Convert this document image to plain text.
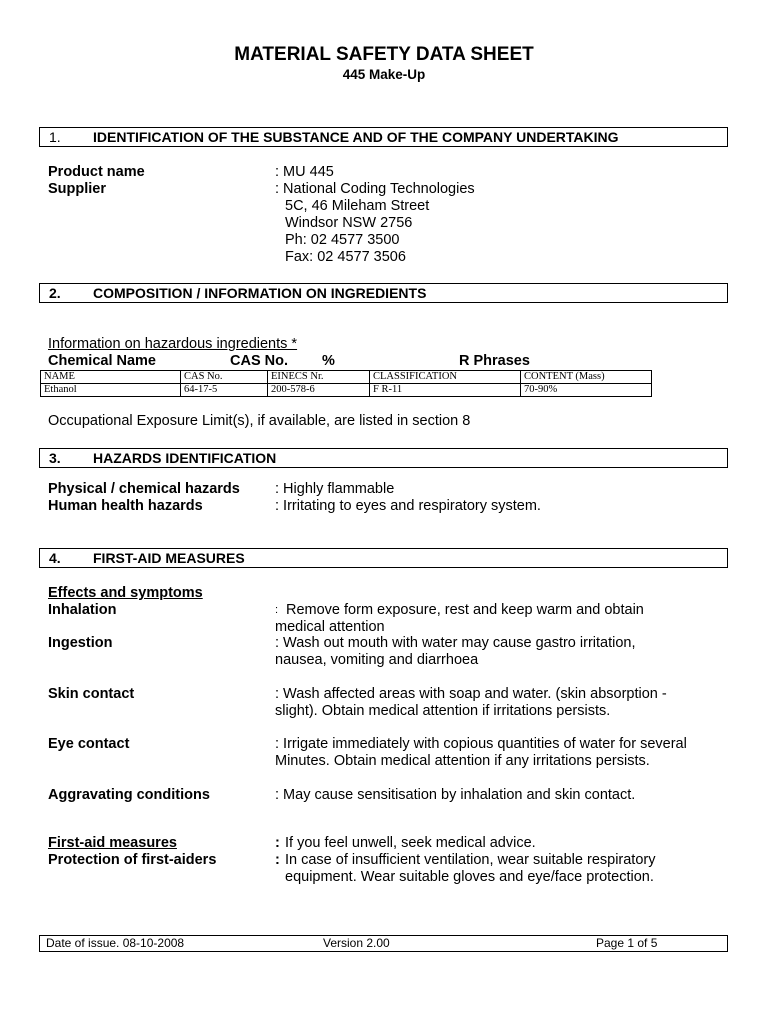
MATERIAL SAFETY DATA SHEET
445 Make-Up
1. IDENTIFICATION OF THE SUBSTANCE AND OF THE COMPANY UNDERTAKING
Product name	: MU 445
Supplier	: National Coding Technologies
5C, 46 Mileham Street
Windsor NSW 2756
Ph: 02 4577 3500
Fax: 02 4577 3506
2. COMPOSITION / INFORMATION ON INGREDIENTS
Information on hazardous ingredients *
Chemical Name	CAS No. %	R Phrases
NAME	CAS No.	EINECS Nr.	CLASSIFICATION	CONTENT (Mass)
Ethanol	64-17-5	200-578-6	F R-11	70-90%
Occupational Exposure Limit(s), if available, are listed in section 8
3. HAZARDS IDENTIFICATION
Physical / chemical hazards : Highly flammable
Human health hazards	: Irritating to eyes and respiratory system.
4. FIRST-AID MEASURES
Effects and symptoms
Inhalation	: Remove form exposure, rest and keep warm and obtain
medical attention
Ingestion	: Wash out mouth with water may cause gastro irritation,
nausea, vomiting and diarrhoea
Skin contact	: Wash affected areas with soap and water. (skin absorption -
slight). Obtain medical attention if irritations persists.
Eye contact	: Irrigate immediately with copious quantities of water for several
Minutes. Obtain medical attention if any irritations persists.
Aggravating conditions	: May cause sensitisation by inhalation and skin contact.
First-aid measures	: If you feel unwell, seek medical advice.
Protection of first-aiders	: In case of insufficient ventilation, wear suitable respiratory
equipment. Wear suitable gloves and eye/face protection.
Date of issue. 08-10-2008	Version 2.00	Page 1 of 5
